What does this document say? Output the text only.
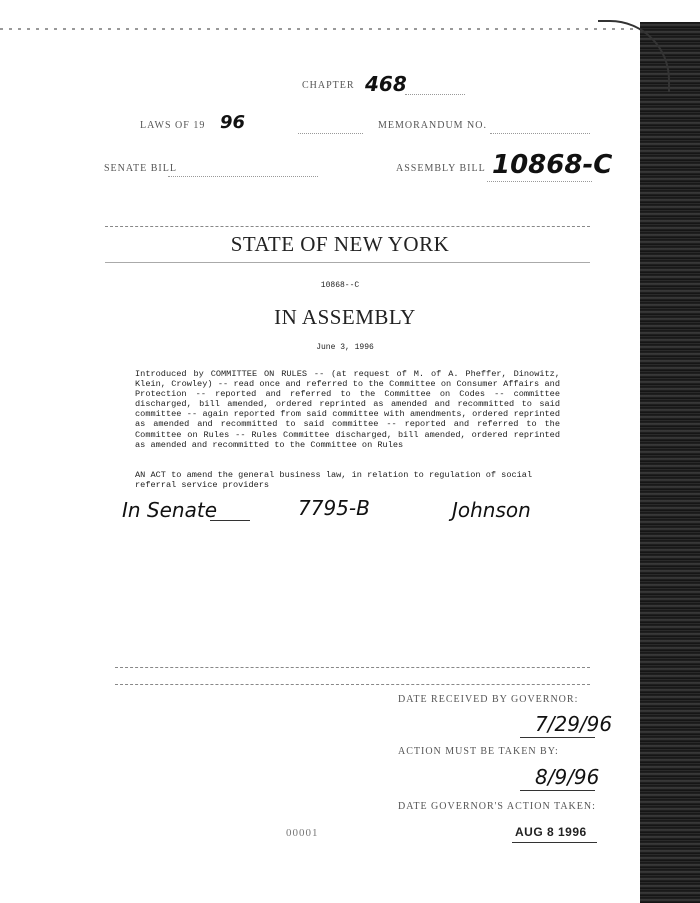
CHAPTER 468
LAWS OF 19 96	MEMORANDUM NO.
SENATE BILL	ASSEMBLY BILL 10868-C
STATE OF NEW YORK
10868--C
IN ASSEMBLY
June 3, 1996
Introduced by COMMITTEE ON RULES -- (at request of M. of A. Pheffer, Dinowitz, Klein, Crowley) -- read once and referred to the Committee on Consumer Affairs and Protection -- reported and referred to the Committee on Codes -- committee discharged, bill amended, ordered reprinted as amended and recommitted to said committee -- again reported from said committee with amendments, ordered reprinted as amended and recommitted to said committee -- reported and referred to the Committee on Rules -- Rules Committee discharged, bill amended, ordered reprinted as amended and recommitted to the Committee on Rules
AN ACT to amend the general business law, in relation to regulation of social referral service providers
In Senate	7795-B	Johnson
DATE RECEIVED BY GOVERNOR:
7/29/96
ACTION MUST BE TAKEN BY:
8/9/96
DATE GOVERNOR'S ACTION TAKEN:
AUG 8 1996
00001
